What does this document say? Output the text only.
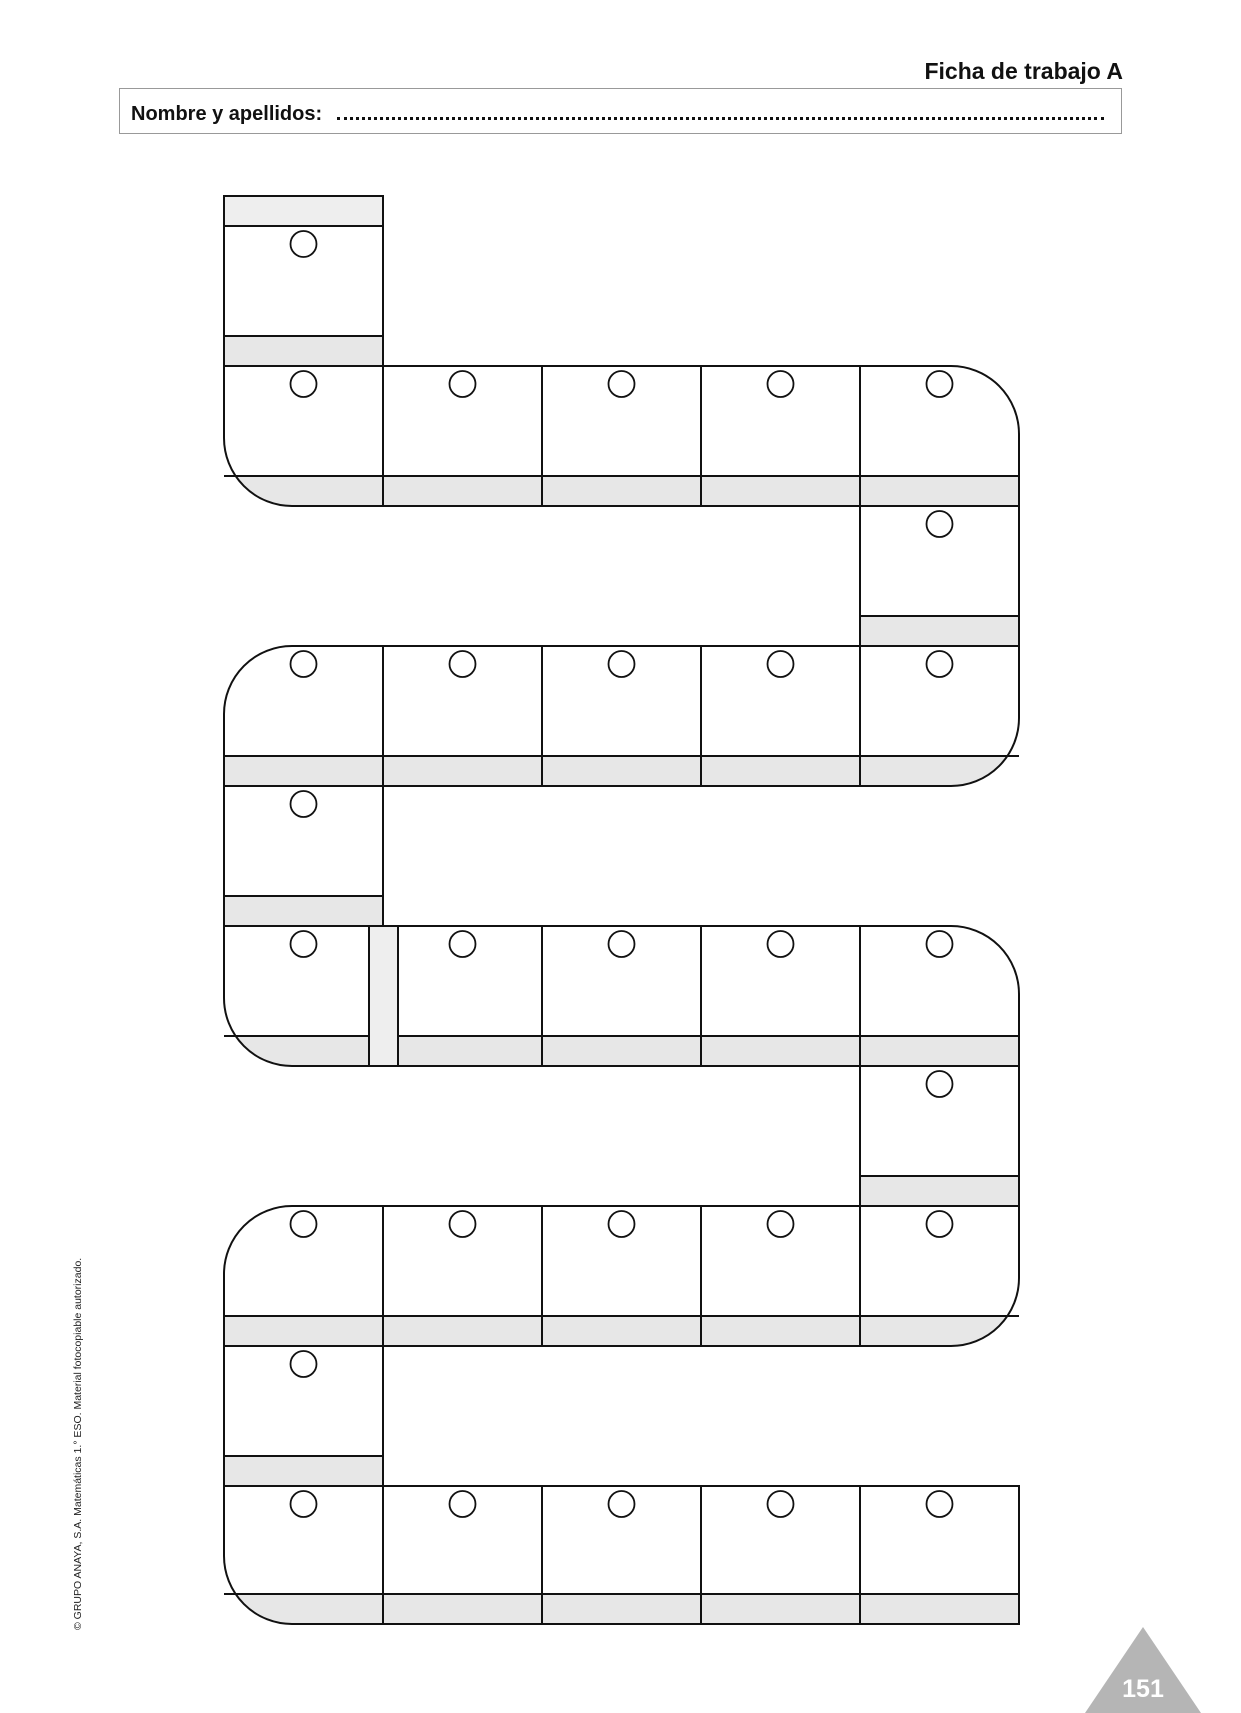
Ficha de trabajo A
Nombre y apellidos:
© GRUPO ANAYA, S.A. Matemáticas 1.° ESO. Material fotocopiable autorizado.
151
